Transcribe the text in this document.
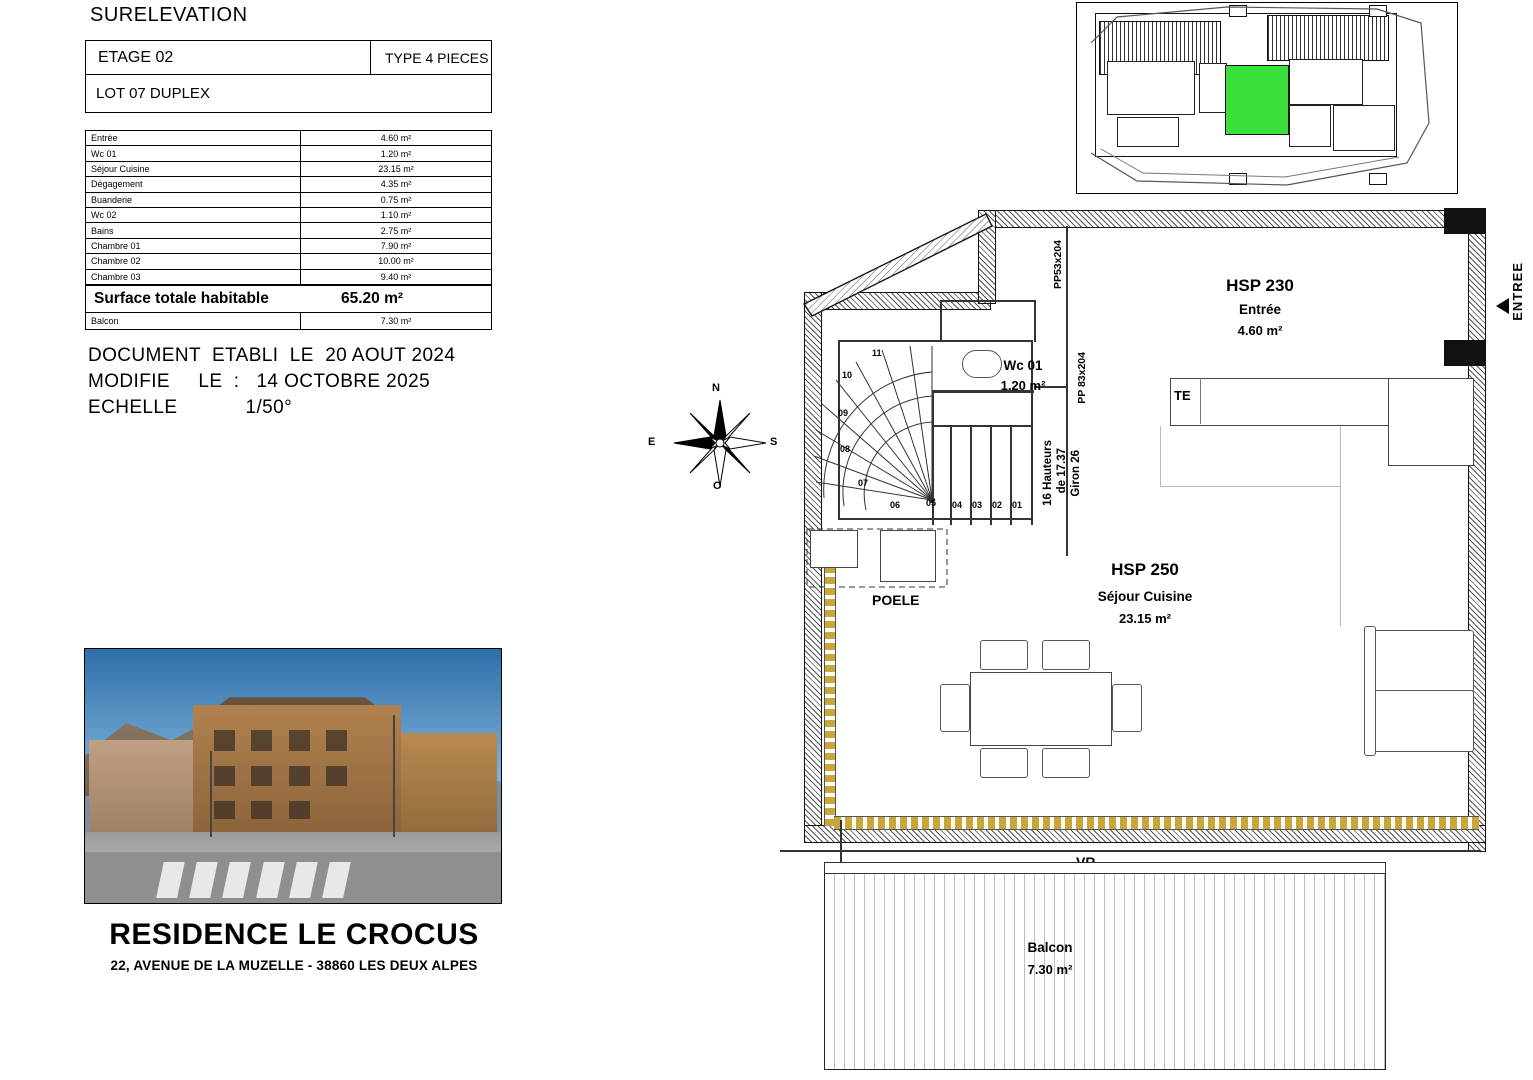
SURELEVATION
ETAGE 02	TYPE 4 PIECES
LOT 07 DUPLEX
Entrée	4.60 m²
Wc 01	1.20 m²
Séjour Cuisine	23.15 m²
Dégagement	4.35 m²
Buanderie	0.75 m²
Wc 02	1.10 m²
Bains	2.75 m²
Chambre 01	7.90 m²
Chambre 02	10.00 m²
Chambre 03	9.40 m²
Surface totale habitable	65.20 m²
Balcon	7.30 m²
DOCUMENT  ETABLI  LE  20 AOUT 2024
MODIFIE     LE  :   14 OCTOBRE 2025
ECHELLE            1/50°
RESIDENCE LE CROCUS
22, AVENUE DE LA MUZELLE - 38860 LES DEUX ALPES
N
O
E	S
01
02
03
04
05
06
07
08
09
10
11
16 Hauteurs de 17.37 Giron 26
PP53x204
PP 83x204
Wc 01
1.20 m²
HSP 230
Entrée
4.60 m²
HSP 250
Séjour Cuisine
23.15 m²
TE
POELE
Balcon
7.30 m²
ENTREE
